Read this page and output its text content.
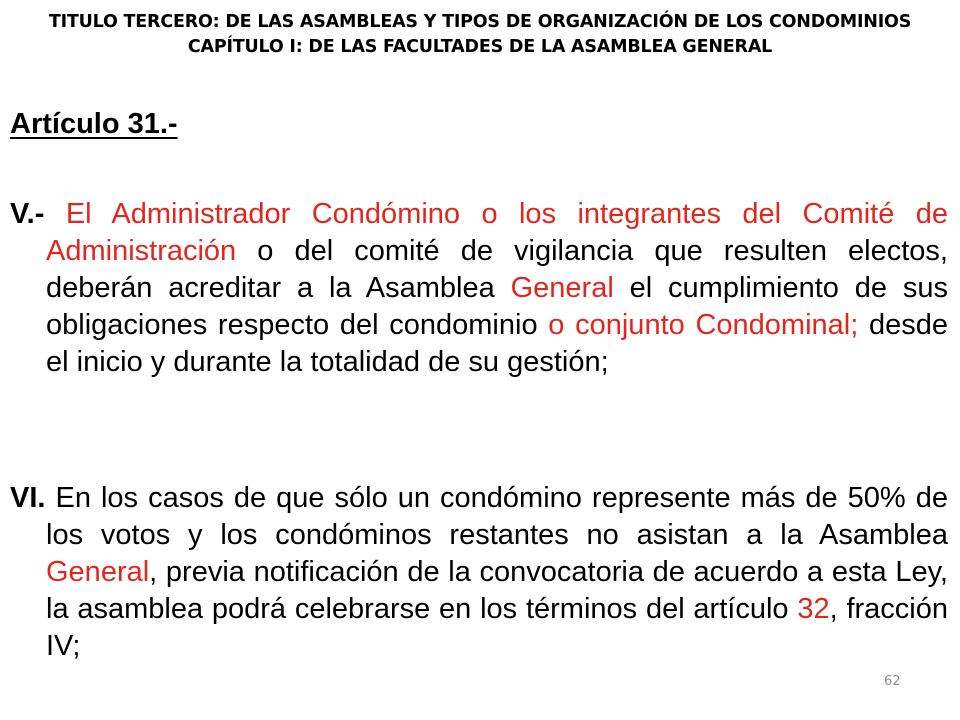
TITULO TERCERO: DE LAS ASAMBLEAS Y TIPOS DE ORGANIZACIÓN DE LOS CONDOMINIOS
CAPÍTULO I: DE LAS FACULTADES DE LA ASAMBLEA GENERAL
Artículo 31.-

V.- El Administrador Condómino o los integrantes del Comité de Administración o del comité de vigilancia que resulten electos, deberán acreditar a la Asamblea General el cumplimiento de sus obligaciones respecto del condominio o conjunto Condominal; desde el inicio y durante la totalidad de su gestión;

VI. En los casos de que sólo un condómino represente más de 50% de los votos y los condóminos restantes no asistan a la Asamblea General, previa notificación de la convocatoria de acuerdo a esta Ley, la asamblea podrá celebrarse en los términos del artículo 32, fracción IV;

62
